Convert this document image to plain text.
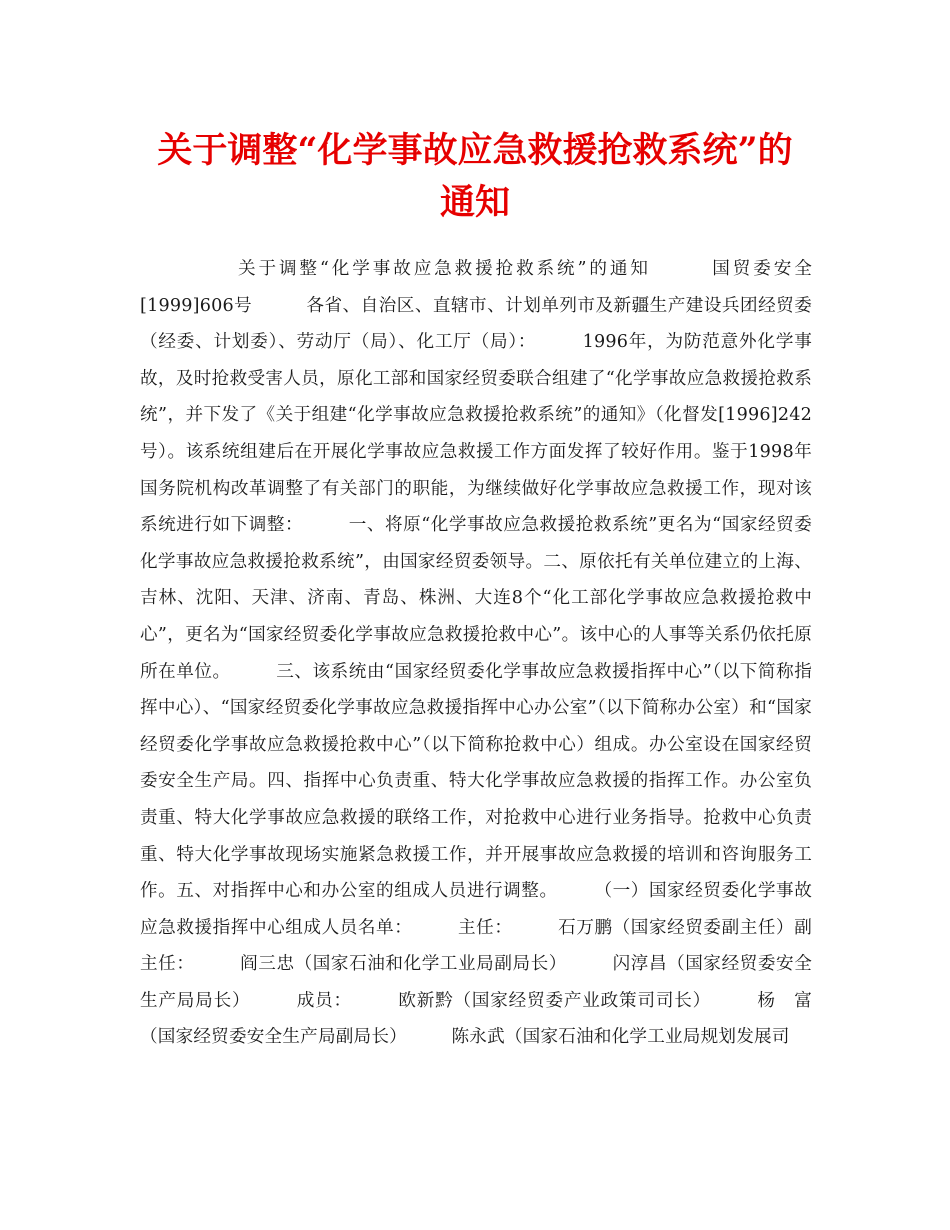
关于调整“化学事故应急救援抢救系统”的通知

关于调整“化学事故应急救援抢救系统”的通知　　　国贸委安全[1999]606号　　　各省、自治区、直辖市、计划单列市及新疆生产建设兵团经贸委（经委、计划委）、劳动厅（局）、化工厅（局）：　　　1996年，为防范意外化学事故，及时抢救受害人员，原化工部和国家经贸委联合组建了“化学事故应急救援抢救系统”，并下发了《关于组建“化学事故应急救援抢救系统”的通知》（化督发[1996]242号）。该系统组建后在开展化学事故应急救援工作方面发挥了较好作用。鉴于1998年国务院机构改革调整了有关部门的职能，为继续做好化学事故应急救援工作，现对该系统进行如下调整：　　　一、将原“化学事故应急救援抢救系统”更名为“国家经贸委化学事故应急救援抢救系统”，由国家经贸委领导。二、原依托有关单位建立的上海、吉林、沈阳、天津、济南、青岛、株洲、大连8个“化工部化学事故应急救援抢救中心”，更名为“国家经贸委化学事故应急救援抢救中心”。该中心的人事等关系仍依托原所在单位。　　　三、该系统由“国家经贸委化学事故应急救援指挥中心”（以下简称指挥中心）、“国家经贸委化学事故应急救援指挥中心办公室”（以下简称办公室）和“国家经贸委化学事故应急救援抢救中心”（以下简称抢救中心）组成。办公室设在国家经贸委安全生产局。四、指挥中心负责重、特大化学事故应急救援的指挥工作。办公室负责重、特大化学事故应急救援的联络工作，对抢救中心进行业务指导。抢救中心负责重、特大化学事故现场实施紧急救援工作，并开展事故应急救援的培训和咨询服务工作。五、对指挥中心和办公室的组成人员进行调整。　　　（一）国家经贸委化学事故应急救援指挥中心组成人员名单：　　　主任：　　　石万鹏（国家经贸委副主任）副主任：　　　阎三忠（国家石油和化学工业局副局长）　　　闪淳昌（国家经贸委安全生产局局长）　　　成员：　　　欧新黔（国家经贸委产业政策司司长）　　　杨　富（国家经贸委安全生产局副局长）　　　陈永武（国家石油和化学工业局规划发展司
